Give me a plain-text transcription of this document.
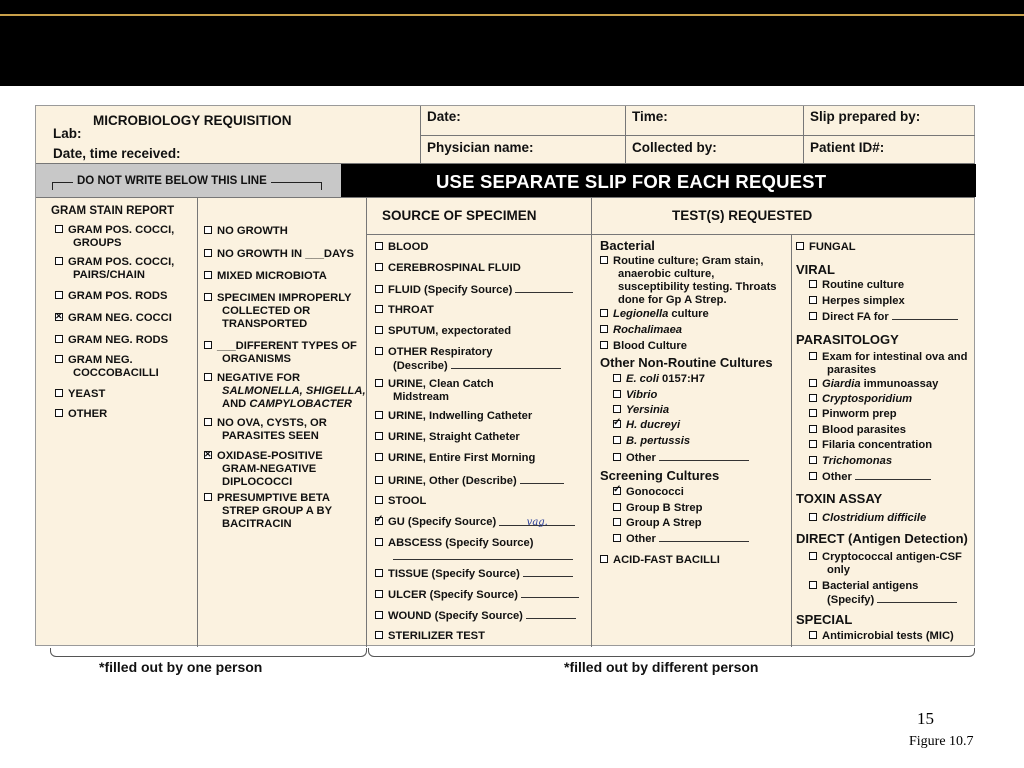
MICROBIOLOGY REQUISITION
Lab:
Date, time received:
Date:	Time:	Slip prepared by:
Physician name:	Collected by:	Patient ID#:
DO NOT WRITE BELOW THIS LINE	USE SEPARATE SLIP FOR EACH REQUEST
GRAM STAIN REPORT	SOURCE OF SPECIMEN	TEST(S) REQUESTED
GRAM POS. COCCI,
GROUPS
GRAM POS. COCCI,
PAIRS/CHAIN
GRAM POS. RODS
✕GRAM NEG. COCCI
GRAM NEG. RODS
GRAM NEG.
COCCOBACILLI
YEAST
OTHER
NO GROWTH
NO GROWTH IN ___DAYS
MIXED MICROBIOTA
SPECIMEN IMPROPERLY
COLLECTED OR
TRANSPORTED
___DIFFERENT TYPES OF
ORGANISMS
NEGATIVE FOR
SALMONELLA, SHIGELLA,
AND CAMPYLOBACTER
NO OVA, CYSTS, OR
PARASITES SEEN
✕OXIDASE-POSITIVE
GRAM-NEGATIVE
DIPLOCOCCI
PRESUMPTIVE BETA
STREP GROUP A BY
BACITRACIN
BLOOD
CEREBROSPINAL FLUID
FLUID (Specify Source)
THROAT
SPUTUM, expectorated
OTHER Respiratory
(Describe)
URINE, Clean Catch
Midstream
URINE, Indwelling Catheter
URINE, Straight Catheter
URINE, Entire First Morning
URINE, Other (Describe)
STOOL
✓GU (Specify Source)	vag.
ABSCESS (Specify Source)
TISSUE (Specify Source)
ULCER (Specify Source)
WOUND (Specify Source)
STERILIZER TEST
Bacterial
Routine culture; Gram stain,
anaerobic culture,
susceptibility testing. Throats
done for Gp A Strep.
Legionella culture
Rochalimaea
Blood Culture
Other Non-Routine Cultures
E. coli 0157:H7
Vibrio
Yersinia
✓H. ducreyi
B. pertussis
Other
Screening Cultures
✓Gonococci
Group B Strep
Group A Strep
Other
ACID-FAST BACILLI
FUNGAL
VIRAL
Routine culture
Herpes simplex
Direct FA for
PARASITOLOGY
Exam for intestinal ova and
parasites
Giardia immunoassay
Cryptosporidium
Pinworm prep
Blood parasites
Filaria concentration
Trichomonas
Other
TOXIN ASSAY
Clostridium difficile
DIRECT (Antigen Detection)
Cryptococcal antigen-CSF
only
Bacterial antigens
(Specify)
SPECIAL
Antimicrobial tests (MIC)
*filled out by one person	*filled out by different person
15
Figure 10.7
